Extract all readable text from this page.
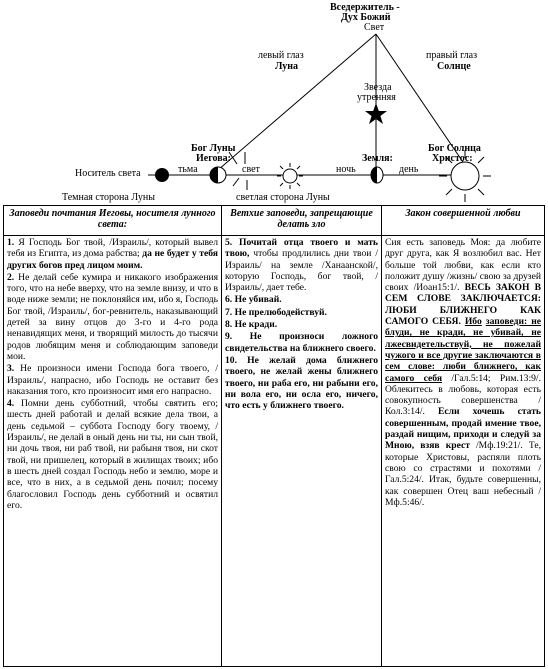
Вседержитель -
Дух Божий
Свет
левый глаз
Луна
правый глаз
Солнце
Звезда
утренняя
Бог Луны
Иегова:
Бог Солнца
Христос:
Земля:
Носитель света	тьма	свет	ночь	день
Темная сторона Луны	светлая сторона Луны
Заповеди почтания Иеговы, носителя лунного света:

1. Я Господь Бог твой, /Израиль/, который вывел тебя из Египта, из дома рабства; да не будет у тебя других богов пред лицом моим.

2. Не делай себе кумира и никакого изображения того, что на небе вверху, что на земле внизу, и что в воде ниже земли; не поклоняйся им, ибо я, Господь Бог твой, /Израиль/, бог-ревнитель, наказывающий детей за вину отцов до 3-го и 4-го рода ненавидящих меня, и творящий милость до тысячи родов любящим меня и соблюдающим заповеди мои.

3. Не произноси имени Господа бога твоего, /Израиль/, напрасно, ибо Господь не оставит без наказания того, кто произносит имя его напрасно.

4. Помни день субботний, чтобы святить его; шесть дней работай и делай всякие дела твои, а день седьмой – суббота Господу богу твоему, /Израиль/, не делай в оный день ни ты, ни сын твой, ни дочь твоя, ни раб твой, ни рабыня твоя, ни скот твой, ни пришелец, который в жилищах твоих; ибо в шесть дней создал Господь небо и землю, море и все, что в них, а в седьмой день почил; посему благословил Господь день субботний и освятил его.

Ветхие заповеди, запрещающие делать зло

5. Почитай отца твоего и мать твою, чтобы продлились дни твои /Израиль/ на земле /Ханаанской/, которую Господь, бог твой, /Израиль/, дает тебе.

6. Не убивай.

7. Не прелюбодействуй.

8. Не кради.

9. Не произноси ложного свидетельства на ближнего своего.

10. Не желай дома ближнего твоего, не желай жены ближнего твоего, ни раба его, ни рабыни его, ни вола его, ни осла его, ничего, что есть у ближнего твоего.

Закон совершенной любви

Сия есть заповедь Моя: да любите друг друга, как Я возлюбил вас. Нет больше той любви, как если кто положит душу /жизнь/ свою за друзей своих /Иоан15:1/. ВЕСЬ ЗАКОН В СЕМ СЛОВЕ ЗАКЛЮЧАЕТСЯ: ЛЮБИ БЛИЖНЕГО КАК САМОГО СЕБЯ. Ибо заповеди: не блуди, не кради, не убивай, не лжесвидетельствуй, не пожелай чужого и все другие заключаются в сем слове: люби ближнего, как самого себя /Гал.5:14; Рим.13:9/. Облекитесь в любовь, которая есть совокупность совершенства /Кол.3:14/. Если хочешь стать совершенным, продай имение твое, раздай нищим, приходи и следуй за Мною, взяв крест /Мф.19:21/. Те, которые Христовы, распяли плоть свою со страстями и похотями /Гал.5:24/. Итак, будьте совершенны, как совершен Отец ваш небесный /Мф.5:46/.
